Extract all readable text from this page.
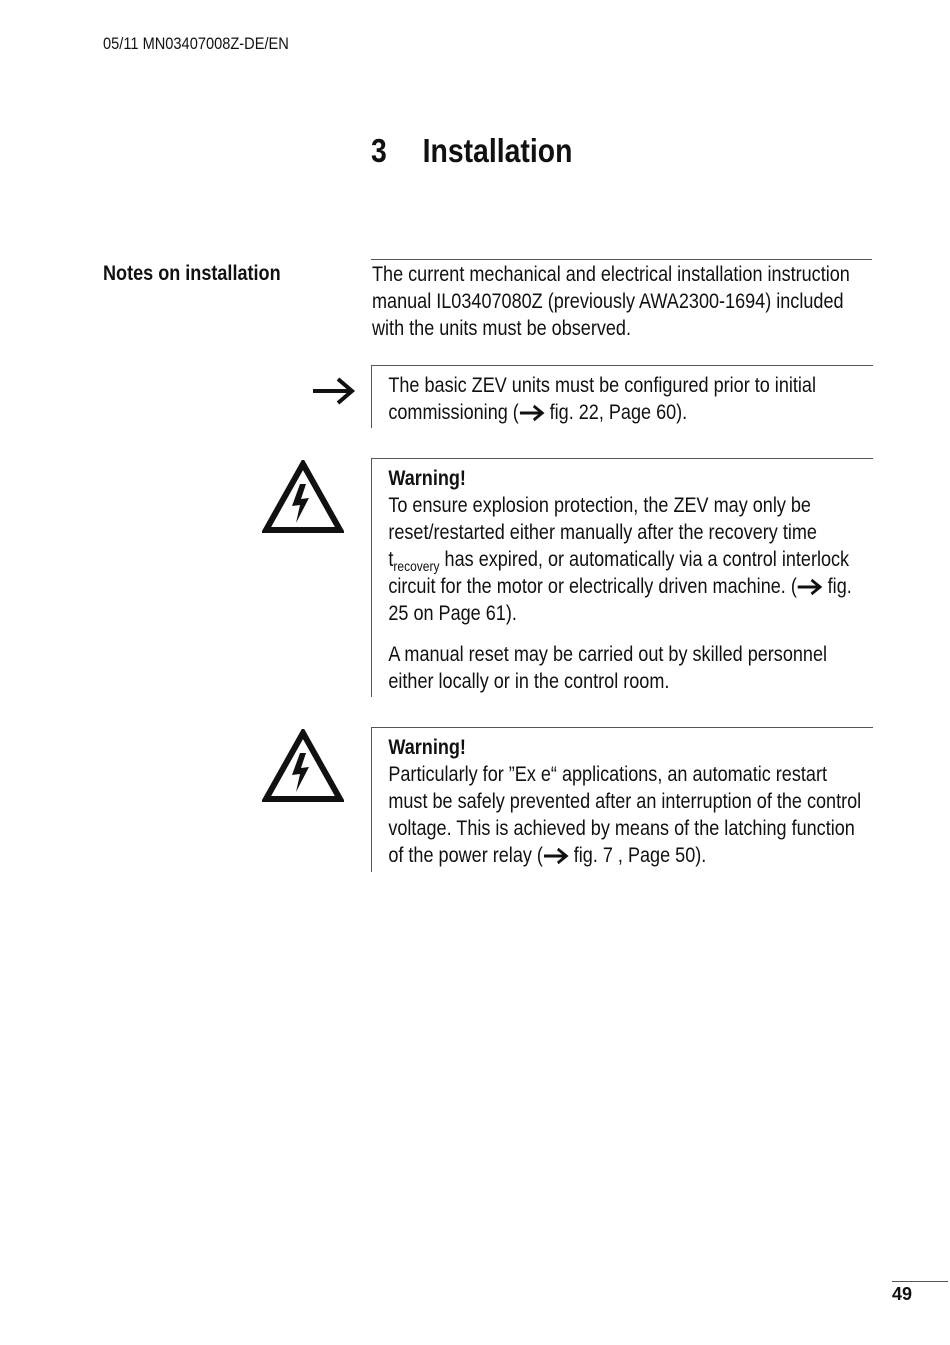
05/11 MN03407008Z-DE/EN
3 Installation
Notes on installation	The current mechanical and electrical installation instruction manual IL03407080Z (previously AWA2300-1694) included with the units must be observed.

The basic ZEV units must be configured prior to initial commissioning ( fig. 22, Page 60).

Warning!

To ensure explosion protection, the ZEV may only be reset/restarted either manually after the recovery time $t_{recovery}$ has expired, or automatically via a control interlock circuit for the motor or electrically driven machine. ( fig. 25 on Page 61).

A manual reset may be carried out by skilled personnel either locally or in the control room.

Warning!

Particularly for ”Ex e“ applications, an automatic restart must be safely prevented after an interruption of the control voltage. This is achieved by means of the latching function of the power relay ( fig. 7 , Page 50).

49
